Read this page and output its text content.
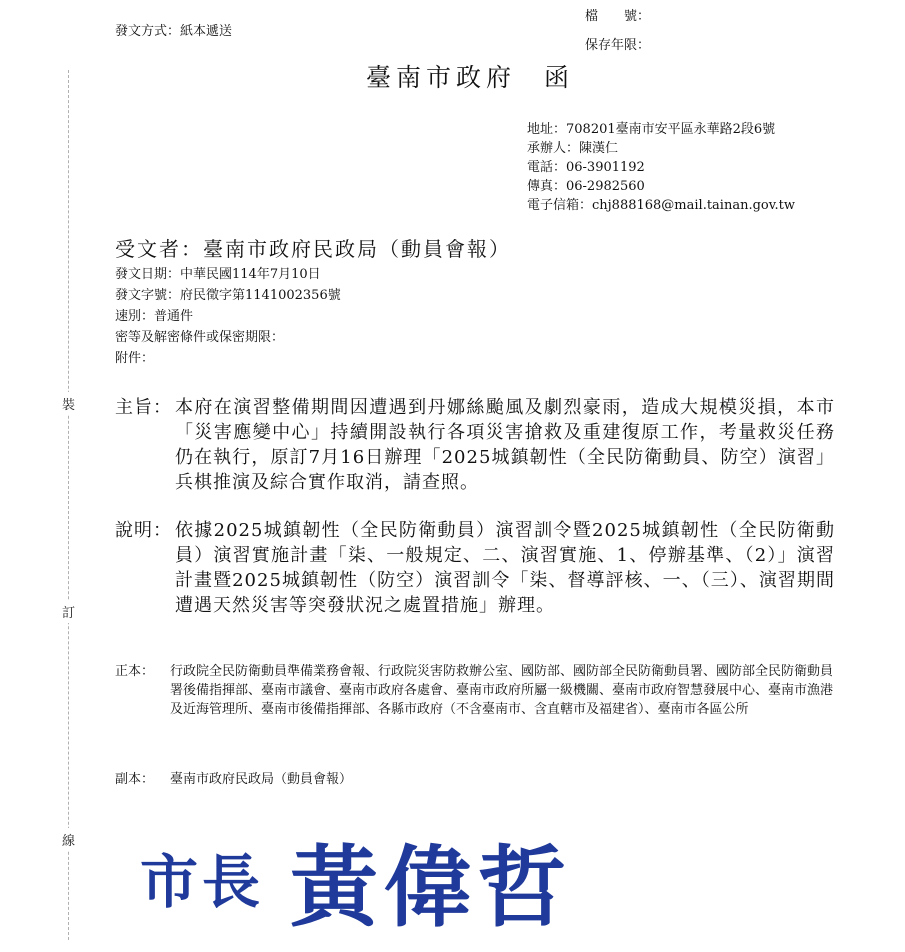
發文方式：紙本遞送
檔　　號：
保存年限：
裝
訂
線
臺南市政府 函
地址：708201臺南市安平區永華路2段6號
承辦人：陳漢仁
電話：06-3901192
傳真：06-2982560
電子信箱：chj888168@mail.tainan.gov.tw
受文者：臺南市政府民政局（動員會報）
發文日期：中華民國114年7月10日
發文字號：府民徵字第1141002356號
速別：普通件
密等及解密條件或保密期限：
附件：
主旨： 本府在演習整備期間因遭遇到丹娜絲颱風及劇烈豪雨，造成大規模災損，本市「災害應變中心」持續開設執行各項災害搶救及重建復原工作，考量救災任務仍在執行，原訂7月16日辦理「2025城鎮韌性（全民防衛動員、防空）演習」兵棋推演及綜合實作取消，請查照。
說明： 依據2025城鎮韌性（全民防衛動員）演習訓令暨2025城鎮韌性（全民防衛動員）演習實施計畫「柒、一般規定、二、演習實施、1、停辦基準、（2）」演習計畫暨2025城鎮韌性（防空）演習訓令「柒、督導評核、一、（三）、演習期間遭遇天然災害等突發狀況之處置措施」辦理。
正本： 行政院全民防衛動員準備業務會報、行政院災害防救辦公室、國防部、國防部全民防衛動員署、國防部全民防衛動員署後備指揮部、臺南市議會、臺南市政府各處會、臺南市政府所屬一級機關、臺南市政府智慧發展中心、臺南市漁港及近海管理所、臺南市後備指揮部、各縣市政府（不含臺南市、含直轄市及福建省）、臺南市各區公所
副本： 臺南市政府民政局（動員會報）
市長 黃偉哲
